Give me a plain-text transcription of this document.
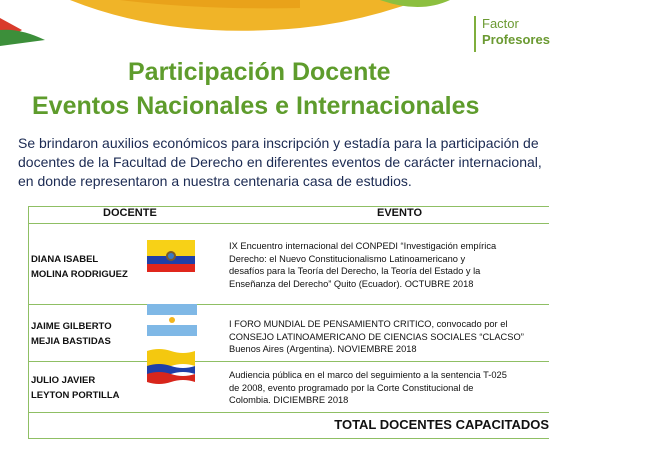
Factor
Profesores
Participación Docente
Eventos Nacionales e Internacionales
Se brindaron auxilios económicos para inscripción y estadía para la participación de
docentes de la Facultad de Derecho en diferentes eventos de carácter internacional,
en donde representaron a nuestra centenaria casa de estudios.
DOCENTE	EVENTO
DIANA ISABEL
MOLINA RODRIGUEZ
IX Encuentro internacional del CONPEDI “Investigación empírica
Derecho: el Nuevo Constitucionalismo Latinoamericano y
desafíos para la Teoría del Derecho, la Teoría del Estado y la
Enseñanza del Derecho” Quito (Ecuador). OCTUBRE 2018
JAIME GILBERTO
MEJIA BASTIDAS
I FORO MUNDIAL DE PENSAMIENTO CRITICO, convocado por el
CONSEJO LATINOAMERICANO DE CIENCIAS SOCIALES “CLACSO”
Buenos Aires (Argentina). NOVIEMBRE 2018
JULIO JAVIER
LEYTON PORTILLA
Audiencia pública en el marco del seguimiento a la sentencia T-025
de 2008, evento programado por la Corte Constitucional de
Colombia. DICIEMBRE 2018
TOTAL DOCENTES CAPACITADOS
